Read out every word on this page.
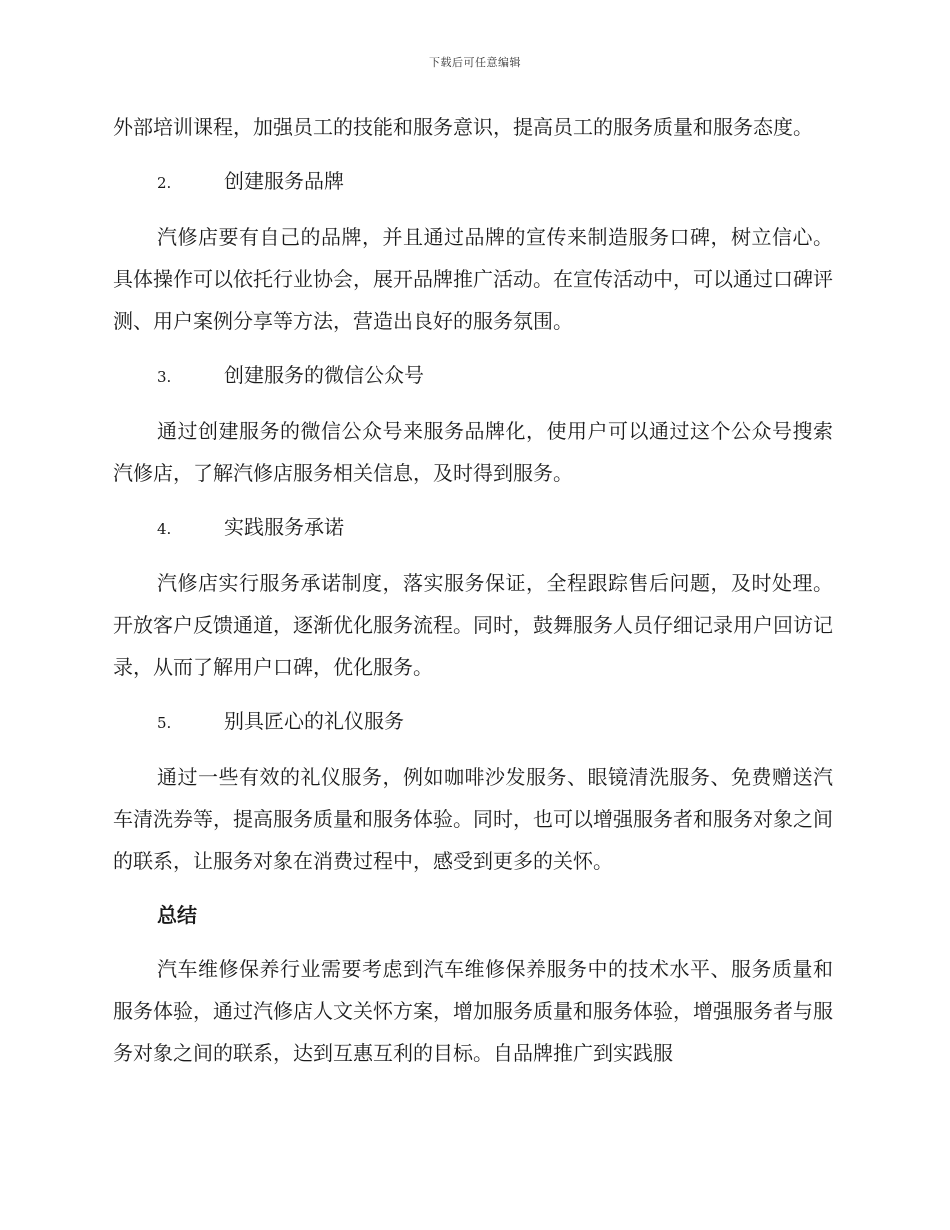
下载后可任意编辑

外部培训课程，加强员工的技能和服务意识，提高员工的服务质量和服务态度。

2.	创建服务品牌

汽修店要有自己的品牌，并且通过品牌的宣传来制造服务口碑，树立信心。具体操作可以依托行业协会，展开品牌推广活动。在宣传活动中，可以通过口碑评测、用户案例分享等方法，营造出良好的服务氛围。

3.	创建服务的微信公众号

通过创建服务的微信公众号来服务品牌化，使用户可以通过这个公众号搜索汽修店，了解汽修店服务相关信息，及时得到服务。

4.	实践服务承诺

汽修店实行服务承诺制度，落实服务保证，全程跟踪售后问题，及时处理。开放客户反馈通道，逐渐优化服务流程。同时，鼓舞服务人员仔细记录用户回访记录，从而了解用户口碑，优化服务。

5.	别具匠心的礼仪服务

通过一些有效的礼仪服务，例如咖啡沙发服务、眼镜清洗服务、免费赠送汽车清洗券等，提高服务质量和服务体验。同时，也可以增强服务者和服务对象之间的联系，让服务对象在消费过程中，感受到更多的关怀。

总结

汽车维修保养行业需要考虑到汽车维修保养服务中的技术水平、服务质量和服务体验，通过汽修店人文关怀方案，增加服务质量和服务体验，增强服务者与服务对象之间的联系，达到互惠互利的目标。自品牌推广到实践服
